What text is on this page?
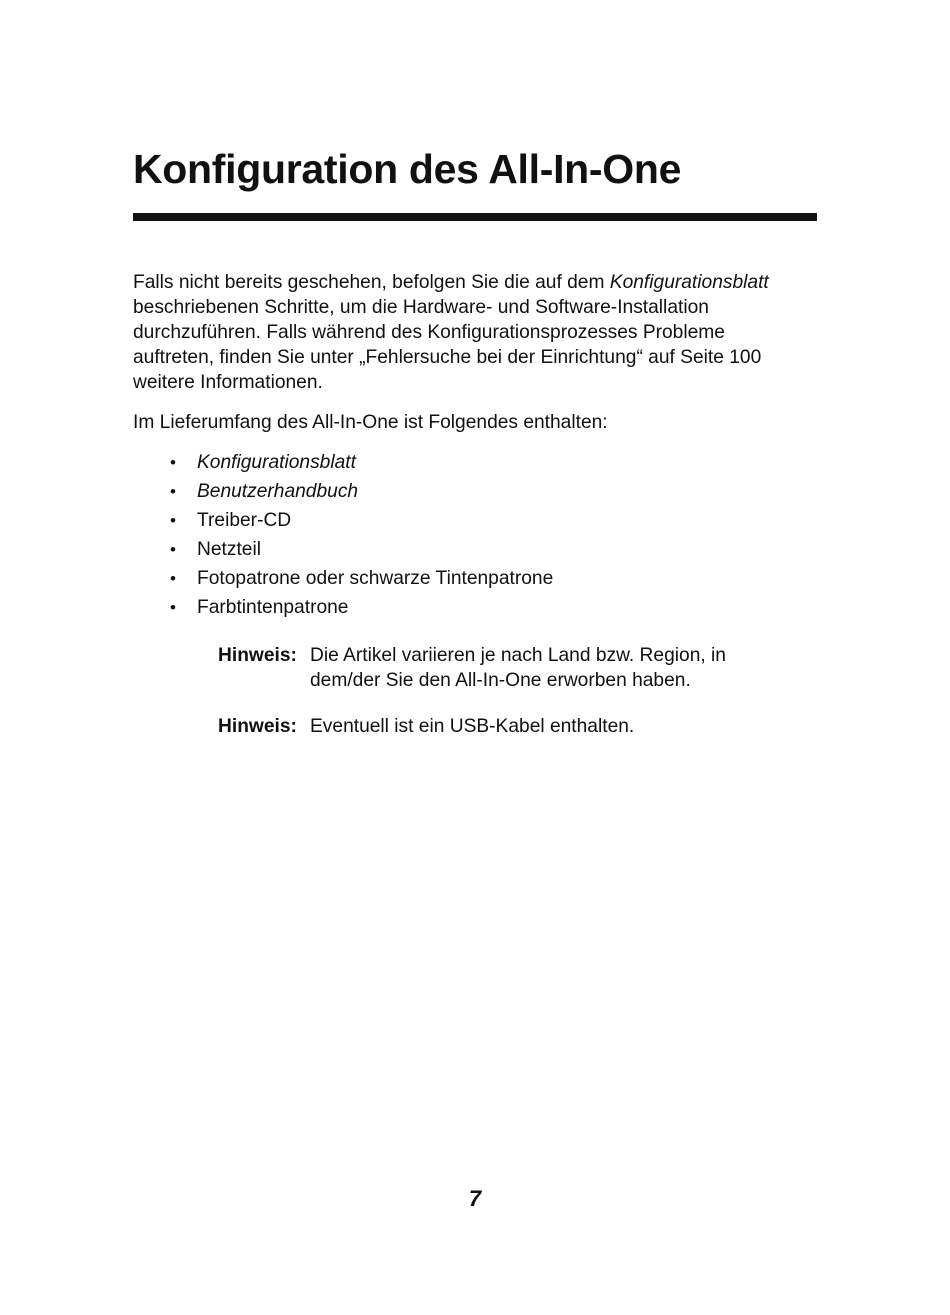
Konfiguration des All-In-One

Falls nicht bereits geschehen, befolgen Sie die auf dem Konfigurationsblatt
beschriebenen Schritte, um die Hardware- und Software-Installation
durchzuführen. Falls während des Konfigurationsprozesses Probleme
auftreten, finden Sie unter „Fehlersuche bei der Einrichtung“ auf Seite 100
weitere Informationen.

Im Lieferumfang des All-In-One ist Folgendes enthalten:

• Konfigurationsblatt
• Benutzerhandbuch
• Treiber-CD
• Netzteil
• Fotopatrone oder schwarze Tintenpatrone
• Farbtintenpatrone
Hinweis: Die Artikel variieren je nach Land bzw. Region, in
dem/der Sie den All-In-One erworben haben.
Hinweis: Eventuell ist ein USB-Kabel enthalten.
7
